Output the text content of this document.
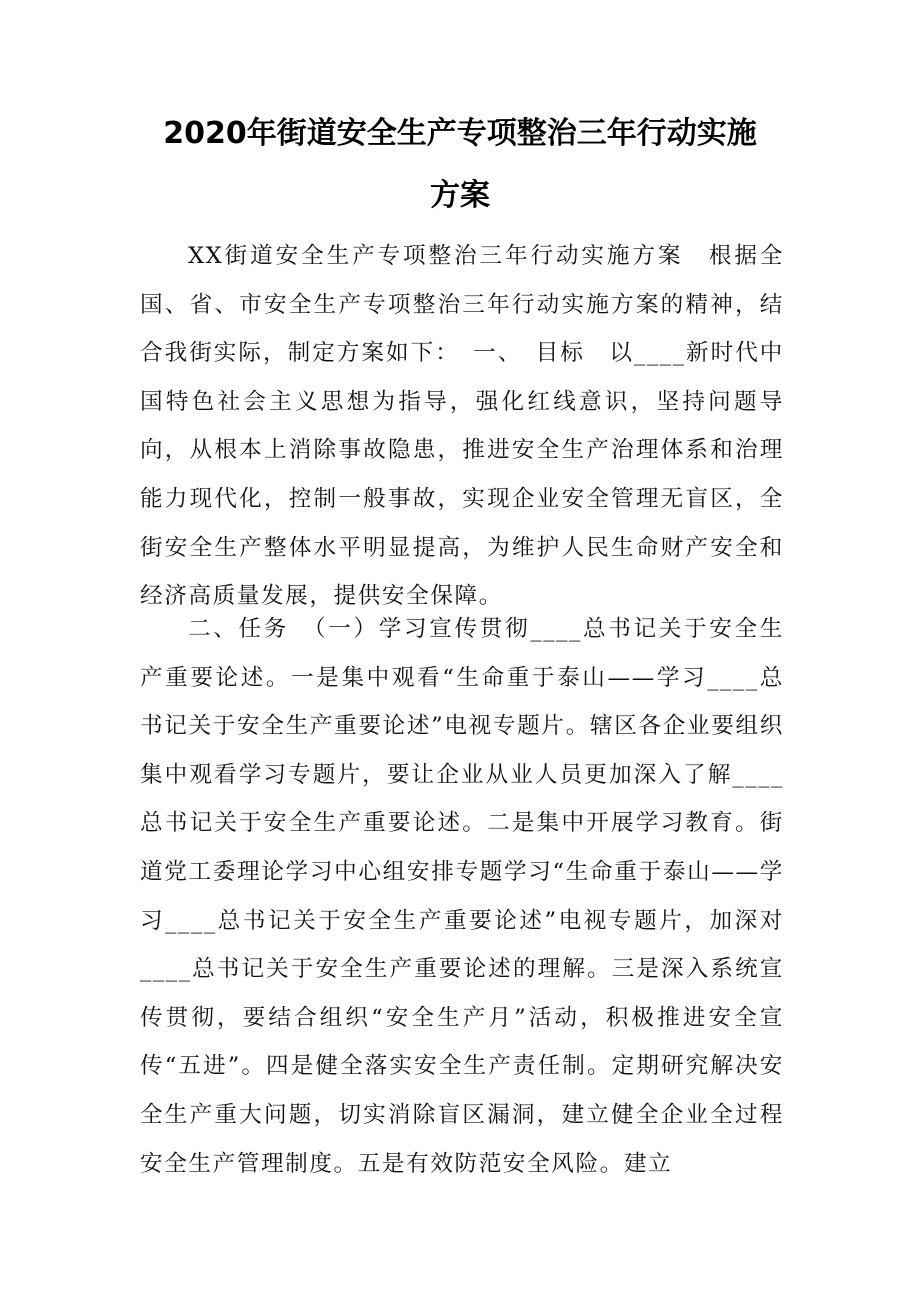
2020年街道安全生产专项整治三年行动实施
方案

XX街道安全生产专项整治三年行动实施方案　根据全国、省、市安全生产专项整治三年行动实施方案的精神，结合我街实际，制定方案如下：　一、　目标　以____新时代中国特色社会主义思想为指导，强化红线意识，坚持问题导向，从根本上消除事故隐患，推进安全生产治理体系和治理能力现代化，控制一般事故，实现企业安全管理无盲区，全街安全生产整体水平明显提高，为维护人民生命财产安全和经济高质量发展，提供安全保障。

二、任务　（一）学习宣传贯彻____总书记关于安全生产重要论述。一是集中观看“生命重于泰山——学习____总书记关于安全生产重要论述”电视专题片。辖区各企业要组织集中观看学习专题片，要让企业从业人员更加深入了解____总书记关于安全生产重要论述。二是集中开展学习教育。街道党工委理论学习中心组安排专题学习“生命重于泰山——学习____总书记关于安全生产重要论述”电视专题片，加深对____总书记关于安全生产重要论述的理解。三是深入系统宣传贯彻，要结合组织“安全生产月”活动，积极推进安全宣传“五进”。四是健全落实安全生产责任制。定期研究解决安全生产重大问题，切实消除盲区漏洞，建立健全企业全过程安全生产管理制度。五是有效防范安全风险。建立
